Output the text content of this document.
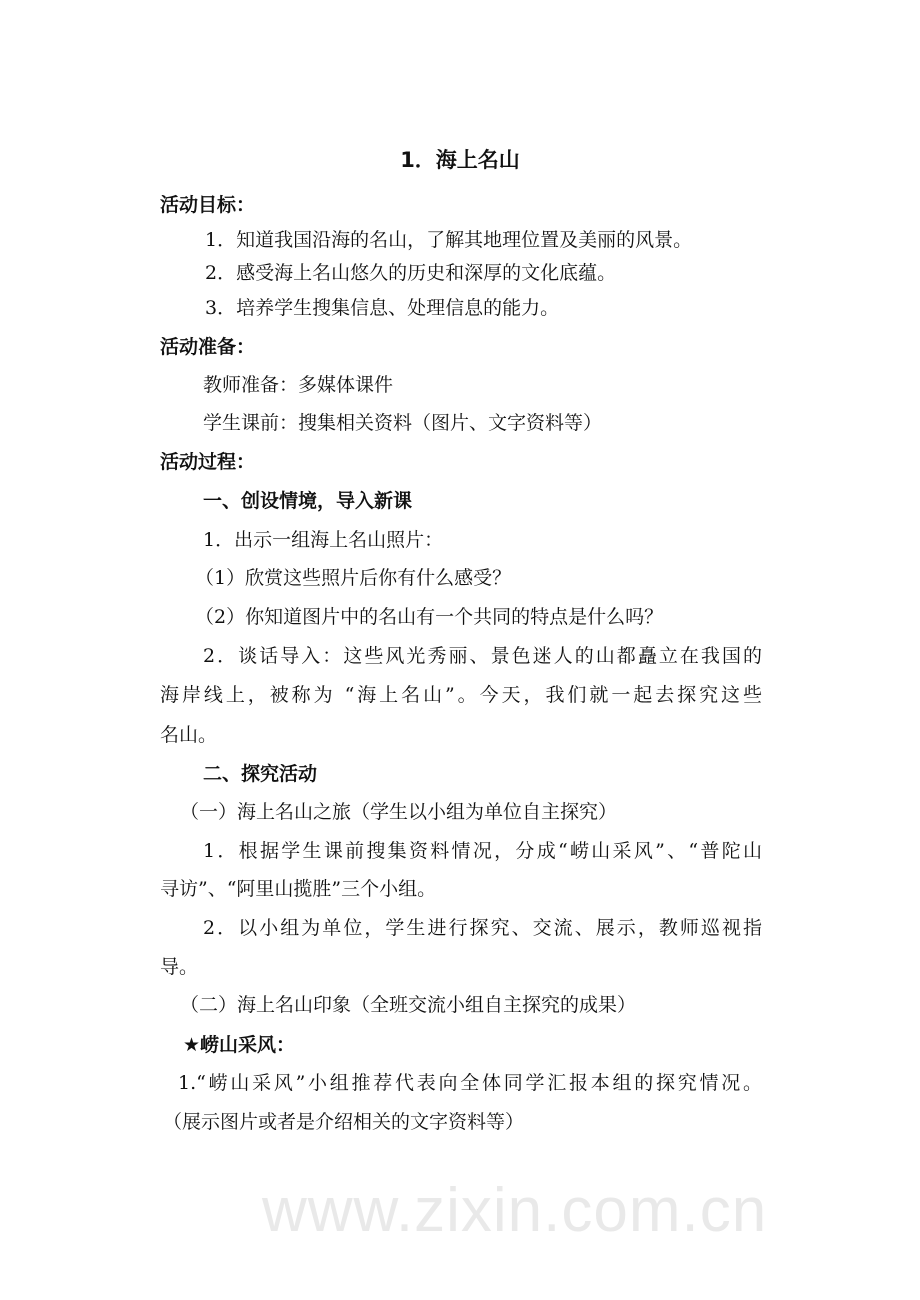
www.zixin.com.cn
1．海上名山
活动目标：
1．知道我国沿海的名山，了解其地理位置及美丽的风景。
2．感受海上名山悠久的历史和深厚的文化底蕴。
3．培养学生搜集信息、处理信息的能力。
活动准备：
教师准备：多媒体课件
学生课前：搜集相关资料（图片、文字资料等）
活动过程：
一、创设情境，导入新课
1．出示一组海上名山照片：
（1）欣赏这些照片后你有什么感受？
（2）你知道图片中的名山有一个共同的特点是什么吗？
2．谈话导入：这些风光秀丽、景色迷人的山都矗立在我国的
海岸线上，被称为 “海上名山”。今天，我们就一起去探究这些
名山。
二、探究活动
（一）海上名山之旅（学生以小组为单位自主探究）
1．根据学生课前搜集资料情况，分成“崂山采风”、“普陀山
寻访”、“阿里山揽胜”三个小组。
2．以小组为单位，学生进行探究、交流、展示，教师巡视指
导。
（二）海上名山印象（全班交流小组自主探究的成果）
★崂山采风：
1.“崂山采风”小组推荐代表向全体同学汇报本组的探究情况。
（展示图片或者是介绍相关的文字资料等）
